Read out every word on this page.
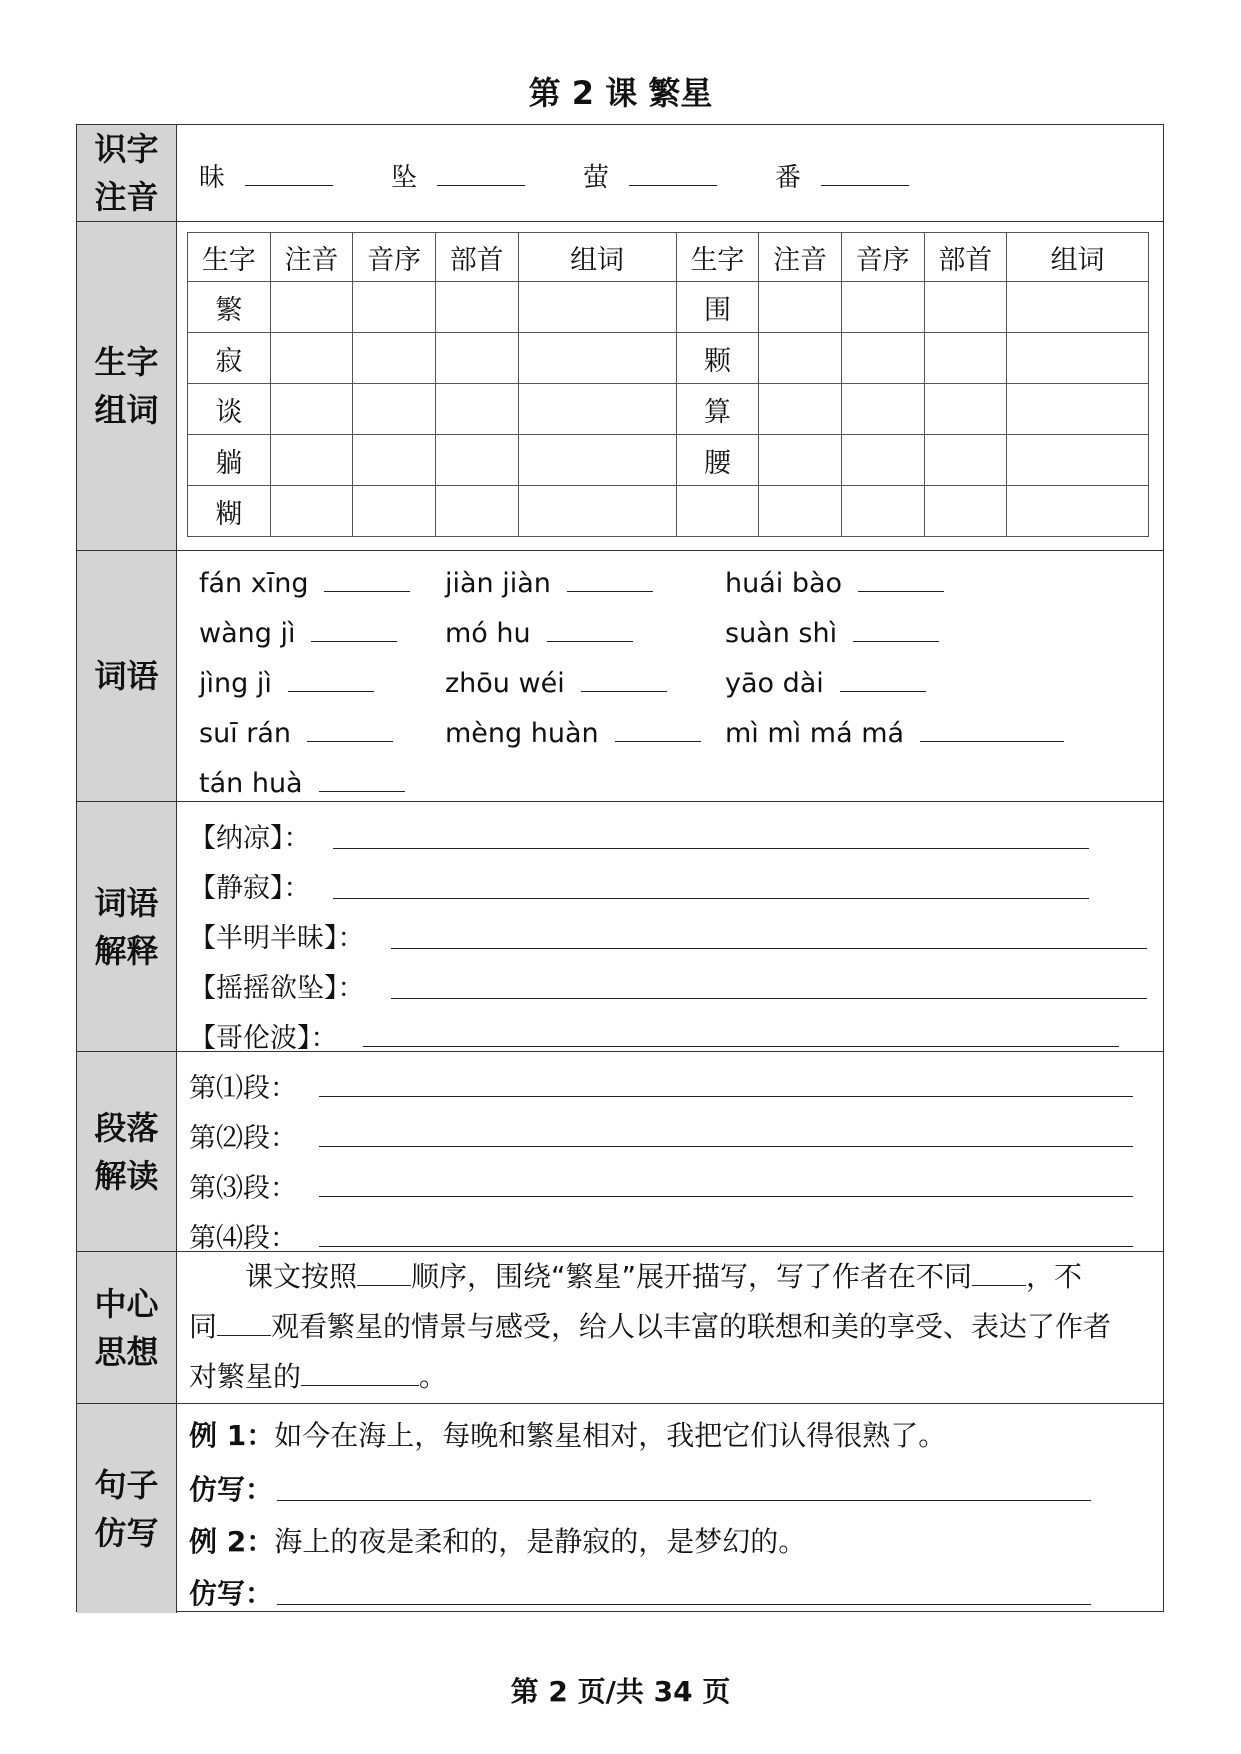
第 2 课 繁星
识字
注音 昧	坠	萤	番
生字
组词
生字	注音	音序	部首	组词	生字	注音	音序	部首	组词
繁					围				
寂					颗				
谈					算				
躺					腰				
糊									
词语
fán xīng	jiàn jiàn	huái bào
wàng jì	mó hu	suàn shì
jìng jì	zhōu wéi	yāo dài
suī rán	mèng huàn	mì mì má má
tán huà
词语
解释
【纳凉】：
【静寂】：
【半明半昧】：
【摇摇欲坠】：
【哥伦波】：
段落
解读
第⑴段：
第⑵段：
第⑶段：
第⑷段：
中心
思想
课文按照 顺序，围绕“繁星”展开描写，写了作者在不同 ，不
同 观看繁星的情景与感受，给人以丰富的联想和美的享受、表达了作者
对繁星的	。
句子
仿写
例 1：如今在海上，每晚和繁星相对，我把它们认得很熟了。
仿写：
例 2：海上的夜是柔和的，是静寂的，是梦幻的。
仿写：
第 2 页/共 34 页
